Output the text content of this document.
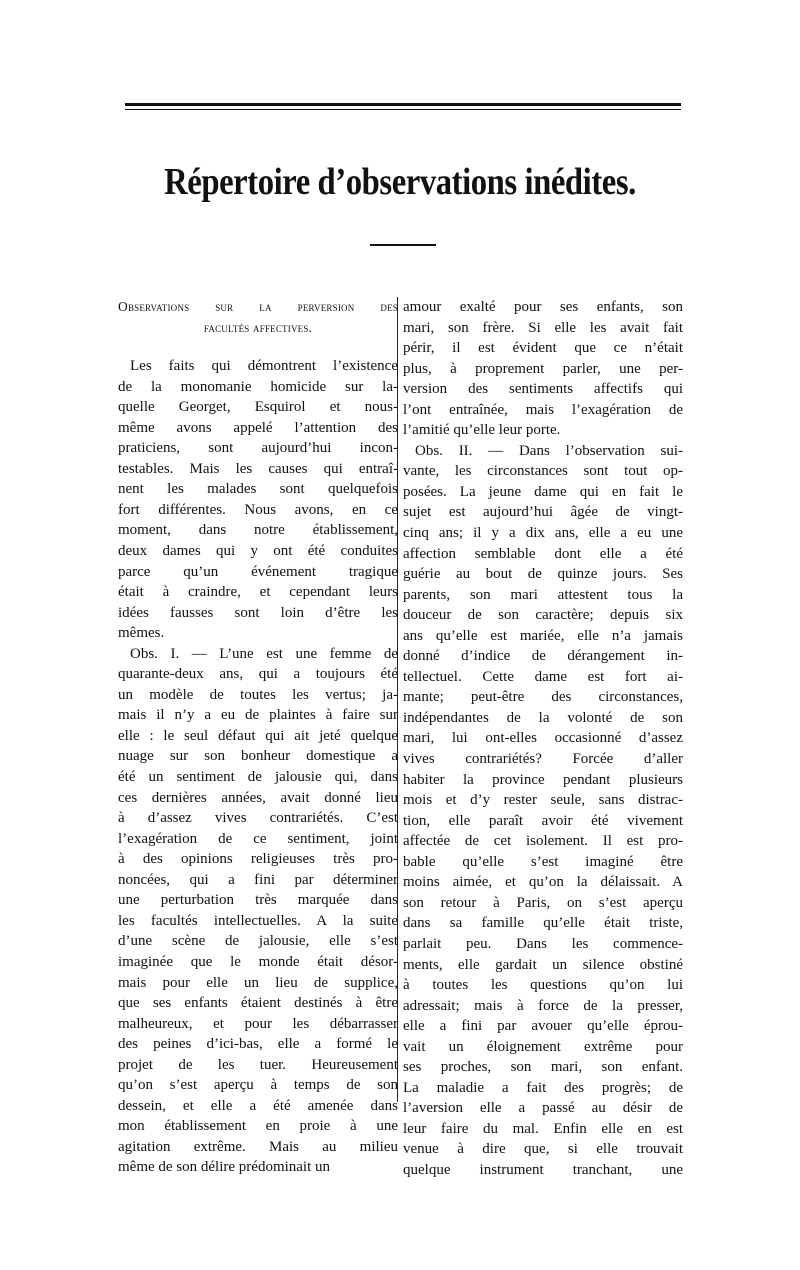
Répertoire d’observations inédites.
Observations sur la perversion des
facultés affectives.
Les faits qui démontrent l’existence
de la monomanie homicide sur la-
quelle Georget, Esquirol et nous-
même avons appelé l’attention des
praticiens, sont aujourd’hui incon-
testables. Mais les causes qui entraî-
nent les malades sont quelquefois
fort différentes. Nous avons, en ce
moment, dans notre établissement,
deux dames qui y ont été conduites
parce qu’un événement tragique
était à craindre, et cependant leurs
idées fausses sont loin d’être les
mêmes.
Obs. I. — L’une est une femme de
quarante-deux ans, qui a toujours été
un modèle de toutes les vertus; ja-
mais il n’y a eu de plaintes à faire sur
elle : le seul défaut qui ait jeté quelque
nuage sur son bonheur domestique a
été un sentiment de jalousie qui, dans
ces dernières années, avait donné lieu
à d’assez vives contrariétés. C’est
l’exagération de ce sentiment, joint
à des opinions religieuses très pro-
noncées, qui a fini par déterminer
une perturbation très marquée dans
les facultés intellectuelles. A la suite
d’une scène de jalousie, elle s’est
imaginée que le monde était désor-
mais pour elle un lieu de supplice,
que ses enfants étaient destinés à être
malheureux, et pour les débarrasser
des peines d’ici-bas, elle a formé le
projet de les tuer. Heureusement
qu’on s’est aperçu à temps de son
dessein, et elle a été amenée dans
mon établissement en proie à une
agitation extrême. Mais au milieu
même de son délire prédominait un
amour exalté pour ses enfants, son
mari, son frère. Si elle les avait fait
périr, il est évident que ce n’était
plus, à proprement parler, une per-
version des sentiments affectifs qui
l’ont entraînée, mais l’exagération de
l’amitié qu’elle leur porte.
Obs. II. — Dans l’observation sui-
vante, les circonstances sont tout op-
posées. La jeune dame qui en fait le
sujet est aujourd’hui âgée de vingt-
cinq ans; il y a dix ans, elle a eu une
affection semblable dont elle a été
guérie au bout de quinze jours. Ses
parents, son mari attestent tous la
douceur de son caractère; depuis six
ans qu’elle est mariée, elle n’a jamais
donné d’indice de dérangement in-
tellectuel. Cette dame est fort ai-
mante; peut-être des circonstances,
indépendantes de la volonté de son
mari, lui ont-elles occasionné d’assez
vives contrariétés? Forcée d’aller
habiter la province pendant plusieurs
mois et d’y rester seule, sans distrac-
tion, elle paraît avoir été vivement
affectée de cet isolement. Il est pro-
bable qu’elle s’est imaginé être
moins aimée, et qu’on la délaissait. A
son retour à Paris, on s’est aperçu
dans sa famille qu’elle était triste,
parlait peu. Dans les commence-
ments, elle gardait un silence obstiné
à toutes les questions qu’on lui
adressait; mais à force de la presser,
elle a fini par avouer qu’elle éprou-
vait un éloignement extrême pour
ses proches, son mari, son enfant.
La maladie a fait des progrès; de
l’aversion elle a passé au désir de
leur faire du mal. Enfin elle en est
venue à dire que, si elle trouvait
quelque instrument tranchant, une
